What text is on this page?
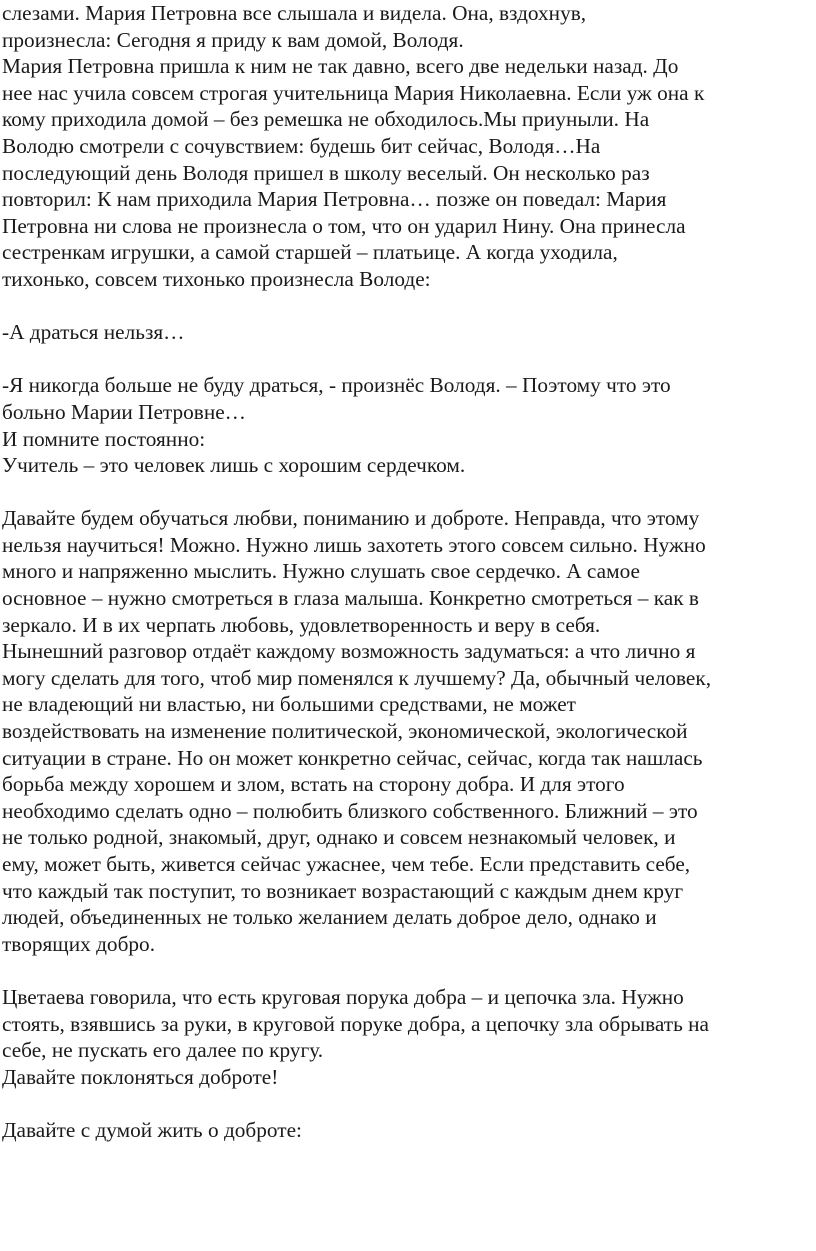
слезами. Мария Петровна все слышала и видела. Она, вздохнув,
произнесла: Сегодня я приду к вам домой, Володя.
Мария Петровна пришла к ним не так давно, всего две недельки назад. До
нее нас учила совсем строгая учительница Мария Николаевна. Если уж она к
кому приходила домой – без ремешка не обходилось.Мы приуныли. На
Володю смотрели с сочувствием: будешь бит сейчас, Володя…На
последующий день Володя пришел в школу веселый. Он несколько раз
повторил: К нам приходила Мария Петровна… позже он поведал: Мария
Петровна ни слова не произнесла о том, что он ударил Нину. Она принесла
сестренкам игрушки, а самой старшей – платьице. А когда уходила,
тихонько, совсем тихонько произнесла Володе:
-А драться нельзя…
-Я никогда больше не буду драться, - произнёс Володя. – Поэтому что это
больно Марии Петровне…
И помните постоянно:
Учитель – это человек лишь с хорошим сердечком.
Давайте будем обучаться любви, пониманию и доброте. Неправда, что этому
нельзя научиться! Можно. Нужно лишь захотеть этого совсем сильно. Нужно
много и напряженно мыслить. Нужно слушать свое сердечко. А самое
основное – нужно смотреться в глаза малыша. Конкретно смотреться – как в
зеркало. И в их черпать любовь, удовлетворенность и веру в себя.
Нынешний разговор отдаёт каждому возможность задуматься: а что лично я
могу сделать для того, чтоб мир поменялся к лучшему? Да, обычный человек,
не владеющий ни властью, ни большими средствами, не может
воздействовать на изменение политической, экономической, экологической
ситуации в стране. Но он может конкретно сейчас, сейчас, когда так нашлась
борьба между хорошем и злом, встать на сторону добра. И для этого
необходимо сделать одно – полюбить близкого собственного. Ближний – это
не только родной, знакомый, друг, однако и совсем незнакомый человек, и
ему, может быть, живется сейчас ужаснее, чем тебе. Если представить себе,
что каждый так поступит, то возникает возрастающий с каждым днем круг
людей, объединенных не только желанием делать доброе дело, однако и
творящих добро.
Цветаева говорила, что есть круговая порука добра – и цепочка зла. Нужно
стоять, взявшись за руки, в круговой поруке добра, а цепочку зла обрывать на
себе, не пускать его далее по кругу.
Давайте поклоняться доброте!
Давайте с думой жить о доброте:
